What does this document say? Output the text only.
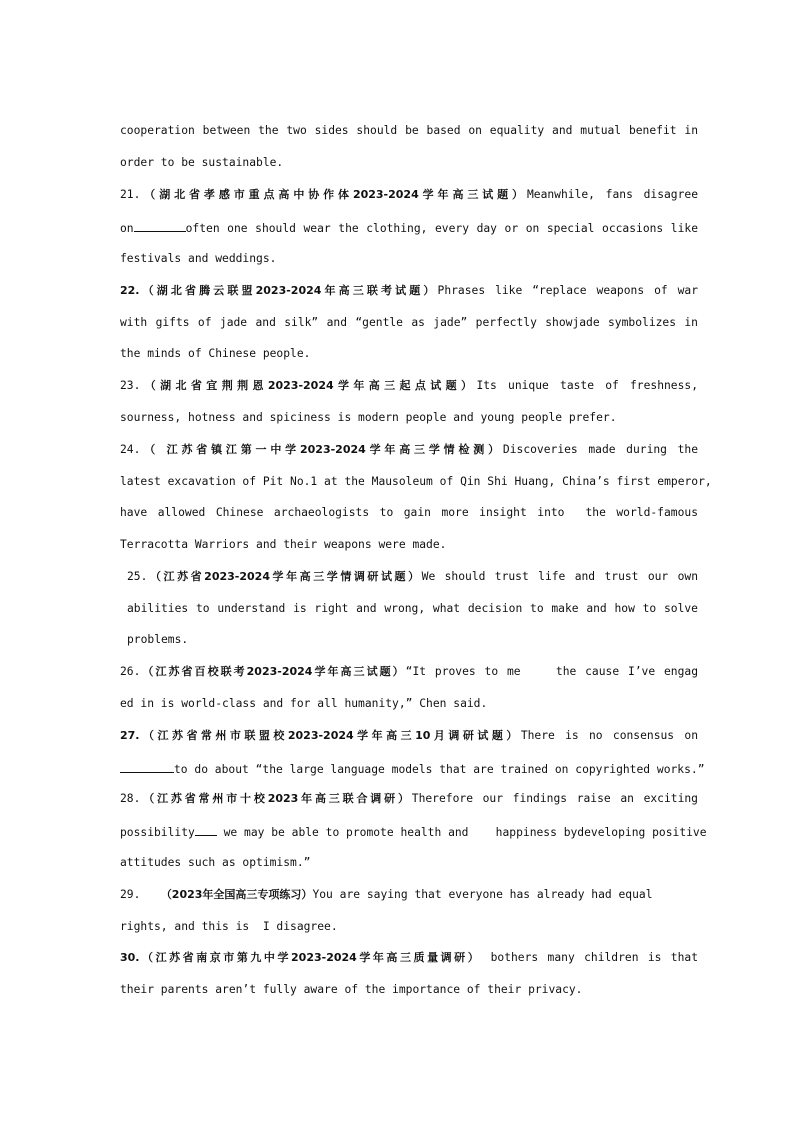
cooperation between the two sides should be based on equality and mutual benefit in
order to be sustainable.
21.（湖北省孝感市重点高中协作体2023-2024学年高三试题）Meanwhile, fans disagree
on	often one should wear the clothing, every day or on special occasions like
festivals and weddings.
22.（湖北省腾云联盟2023-2024年高三联考试题）Phrases like “replace weapons of war
with gifts of jade and silk” and “gentle as jade” perfectly showjade symbolizes in
the minds of Chinese people.
23.（湖北省宜荆荆恩2023-2024学年高三起点试题）Its unique taste of freshness,
sourness, hotness and spiciness is modern people and young people prefer.
24.（ 江苏省镇江第一中学2023-2024学年高三学情检测）Discoveries made during the
latest excavation of Pit No.1 at the Mausoleum of Qin Shi Huang, China’s first emperor,
have allowed Chinese archaeologists to gain more insight into  the world-famous
Terracotta Warriors and their weapons were made.
25.（江苏省2023-2024学年高三学情调研试题）We should trust life and trust our own
abilities to understand is right and wrong, what decision to make and how to solve
problems.
26.（江苏省百校联考2023-2024学年高三试题）“It proves to me    the cause I’ve engag
ed in is world-class and for all humanity,” Chen said.
27.（江苏省常州市联盟校2023-2024学年高三10月调研试题）There is no consensus on
to do about “the large language models that are trained on copyrighted works.”
28.（江苏省常州市十校2023年高三联合调研）Therefore our findings raise an exciting
possibility we may be able to promote health and    happiness bydeveloping positive
attitudes such as optimism.”
29. （2023年全国高三专项练习）You are saying that everyone has already had equal
rights, and this is  I disagree.
30.（江苏省南京市第九中学2023-2024学年高三质量调研） bothers many children is that
their parents aren’t fully aware of the importance of their privacy.
